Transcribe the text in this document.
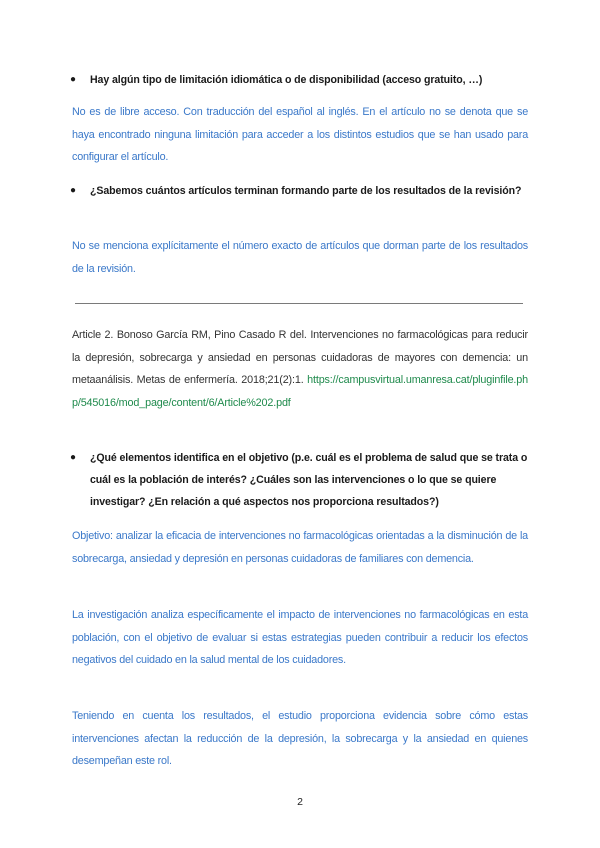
● Hay algún tipo de limitación idiomática o de disponibilidad (acceso gratuito, …)
No es de libre acceso. Con traducción del español al inglés. En el artículo no se denota que se haya encontrado ninguna limitación para acceder a los distintos estudios que se han usado para configurar el artículo.
● ¿Sabemos cuántos artículos terminan formando parte de los resultados de la revisión?
No se menciona explícitamente el número exacto de artículos que dorman parte de los resultados de la revisión.
Article 2. Bonoso García RM, Pino Casado R del. Intervenciones no farmacológicas para reducir la depresión, sobrecarga y ansiedad en personas cuidadoras de mayores con demencia: un metaanálisis. Metas de enfermería. 2018;21(2):1. https://campusvirtual.umanresa.cat/pluginfile.php/545016/mod_page/content/6/Article%202.pdf
● ¿Qué elementos identifica en el objetivo (p.e. cuál es el problema de salud que se trata o cuál es la población de interés? ¿Cuáles son las intervenciones o lo que se quiere investigar? ¿En relación a qué aspectos nos proporciona resultados?)
Objetivo: analizar la eficacia de intervenciones no farmacológicas orientadas a la disminución de la sobrecarga, ansiedad y depresión en personas cuidadoras de familiares con demencia.
La investigación analiza específicamente el impacto de intervenciones no farmacológicas en esta población, con el objetivo de evaluar si estas estrategias pueden contribuir a reducir los efectos negativos del cuidado en la salud mental de los cuidadores.
Teniendo en cuenta los resultados, el estudio proporciona evidencia sobre cómo estas intervenciones afectan la reducción de la depresión, la sobrecarga y la ansiedad en quienes desempeñan este rol.
2
